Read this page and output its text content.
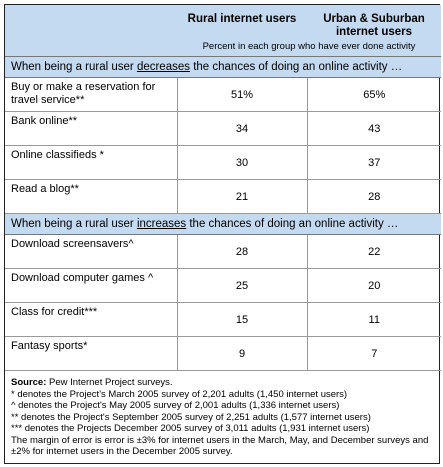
	Rural internet users	Urban & Suburban internet users
	Percent in each group who have ever done activity	
When being a rural user decreases the chances of doing an online activity …		
Buy or make a reservation for travel service**	51%	65%
Bank online**	34	43
Online classifieds *	30	37
Read a blog**	21	28
When being a rural user increases the chances of doing an online activity …		
Download screensavers^	28	22
Download computer games ^	25	20
Class for credit***	15	11
Fantasy sports*	9	7
Source: Pew Internet Project surveys.
* denotes the Project's March 2005 survey of 2,201 adults (1,450 internet users)
^ denotes the Project's May 2005 survey of 2,001 adults (1,336 internet users)
** denotes the Project's September 2005 survey of 2,251 adults (1,577 internet users)
*** denotes the Projects December 2005 survey of 3,011 adults (1,931 internet users)
The margin of error is error is ±3% for internet users in the March, May, and December surveys and ±2% for internet users in the December 2005 survey.
